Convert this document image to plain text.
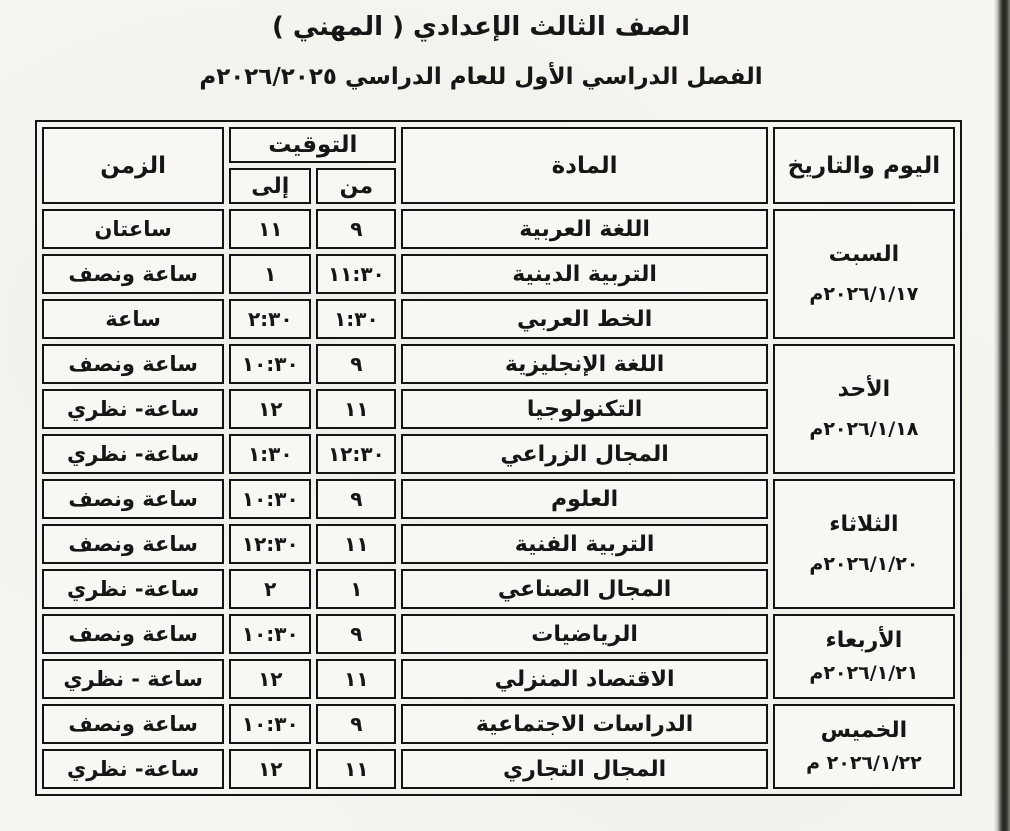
الصف الثالث الإعدادي ( المهني )
الفصل الدراسي الأول للعام الدراسي ٢٠٢٦/٢٠٢٥م
اليوم والتاريخ	المادة	التوقيت		الزمن
		من	إلى	

السبت
٢٠٢٦/١/١٧م	اللغة العربية	٩	١١	ساعتان
	التربية الدينية	١١:٣٠	١	ساعة ونصف
	الخط العربي	١:٣٠	٢:٣٠	ساعة

الأحد
٢٠٢٦/١/١٨م	اللغة الإنجليزية	٩	١٠:٣٠	ساعة ونصف
	التكنولوجيا	١١	١٢	ساعة- نظري
	المجال الزراعي	١٢:٣٠	١:٣٠	ساعة- نظري

الثلاثاء
٢٠٢٦/١/٢٠م	العلوم	٩	١٠:٣٠	ساعة ونصف
	التربية الفنية	١١	١٢:٣٠	ساعة ونصف
	المجال الصناعي	١	٢	ساعة- نظري

الأربعاء
٢٠٢٦/١/٢١م	الرياضيات	٩	١٠:٣٠	ساعة ونصف
	الاقتصاد المنزلي	١١	١٢	ساعة - نظري

الخميس
٢٠٢٦/١/٢٢ م	الدراسات الاجتماعية	٩	١٠:٣٠	ساعة ونصف
	المجال التجاري	١١	١٢	ساعة- نظري
